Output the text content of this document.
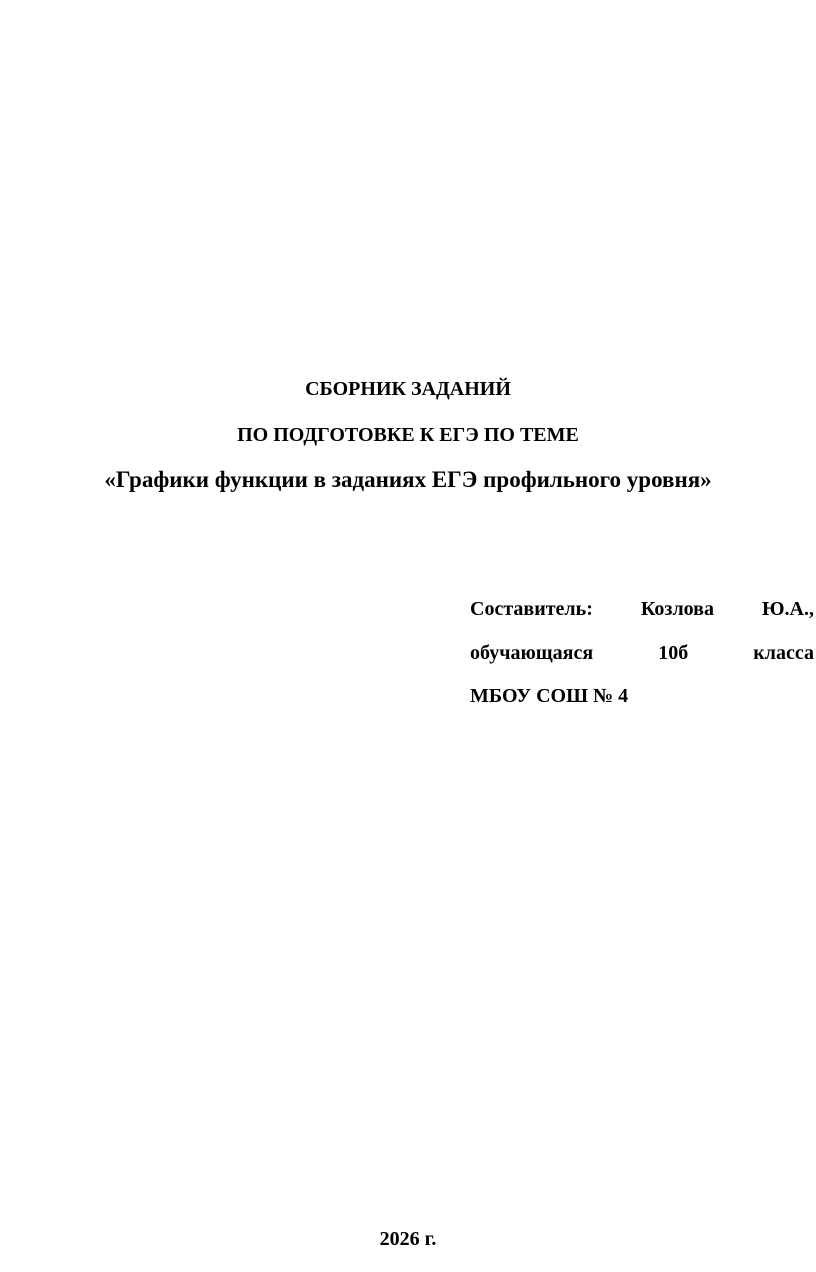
СБОРНИК ЗАДАНИЙ
ПО ПОДГОТОВКЕ К ЕГЭ ПО ТЕМЕ
«Графики функции в заданиях ЕГЭ профильного уровня»
Составитель: Козлова Ю.А.,
обучающаяся	10б	класса
МБОУ СОШ № 4
2026 г.
